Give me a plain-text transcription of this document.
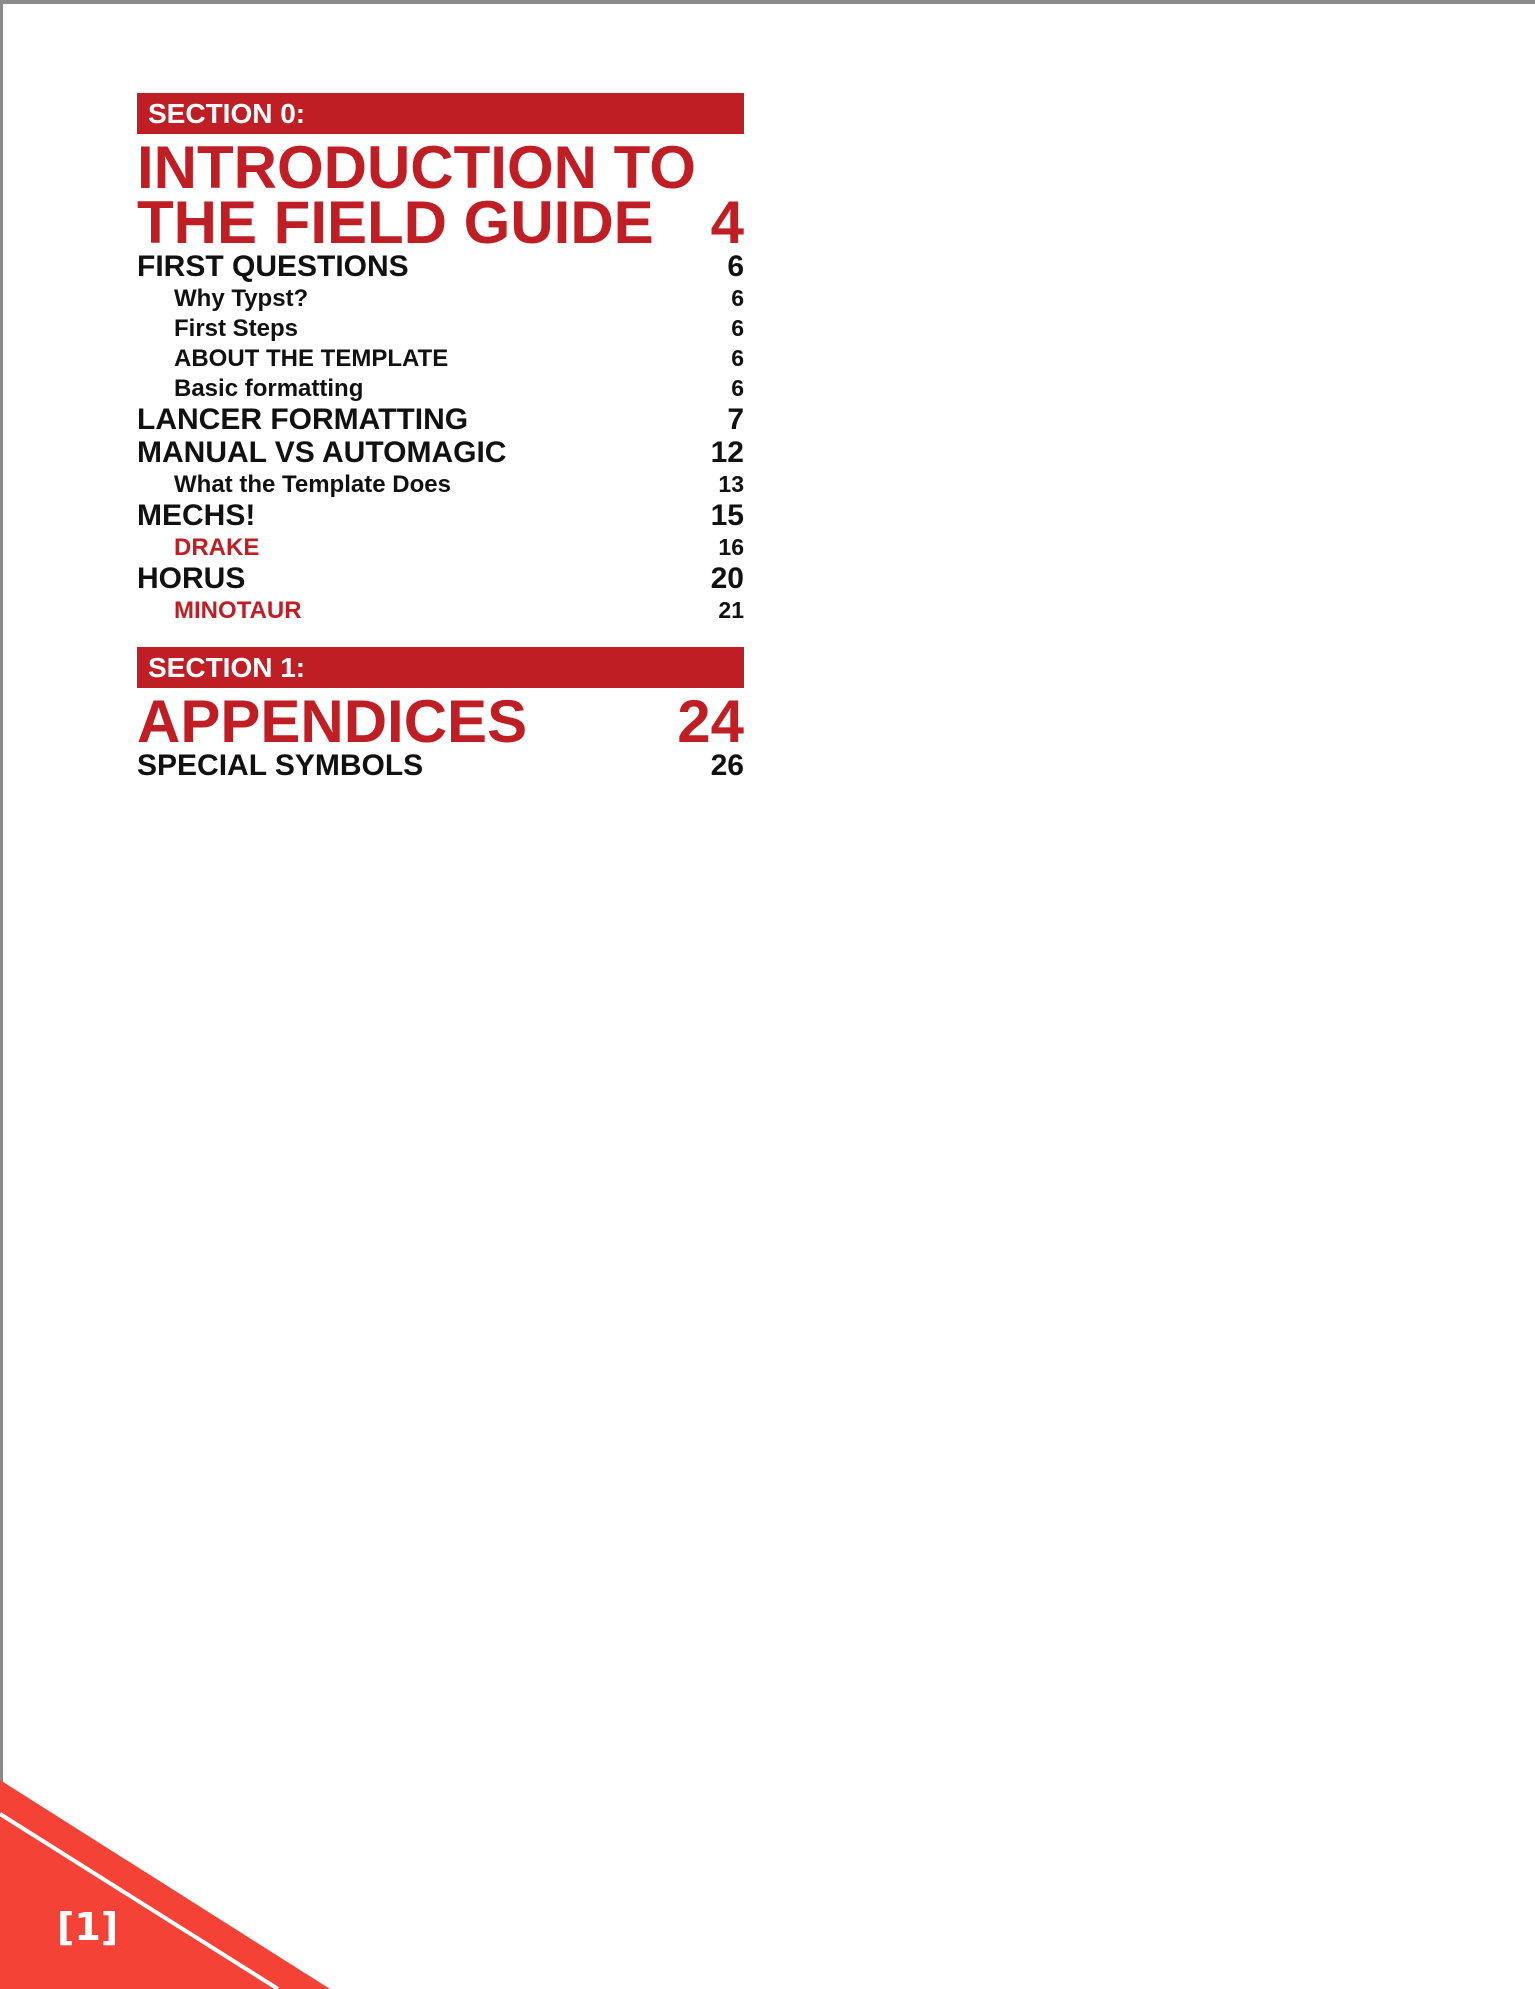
SECTION 0:
INTRODUCTION TO
THE FIELD GUIDE 4
FIRST QUESTIONS	6
Why Typst?	6
First Steps	6
ABOUT THE TEMPLATE	6
Basic formatting	6
LANCER FORMATTING	7
MANUAL VS AUTOMAGIC	12
What the Template Does	13
MECHS!	15
DRAKE	16
HORUS	20
MINOTAUR	21
SECTION 1:
APPENDICES	24
SPECIAL SYMBOLS	26
[1]
